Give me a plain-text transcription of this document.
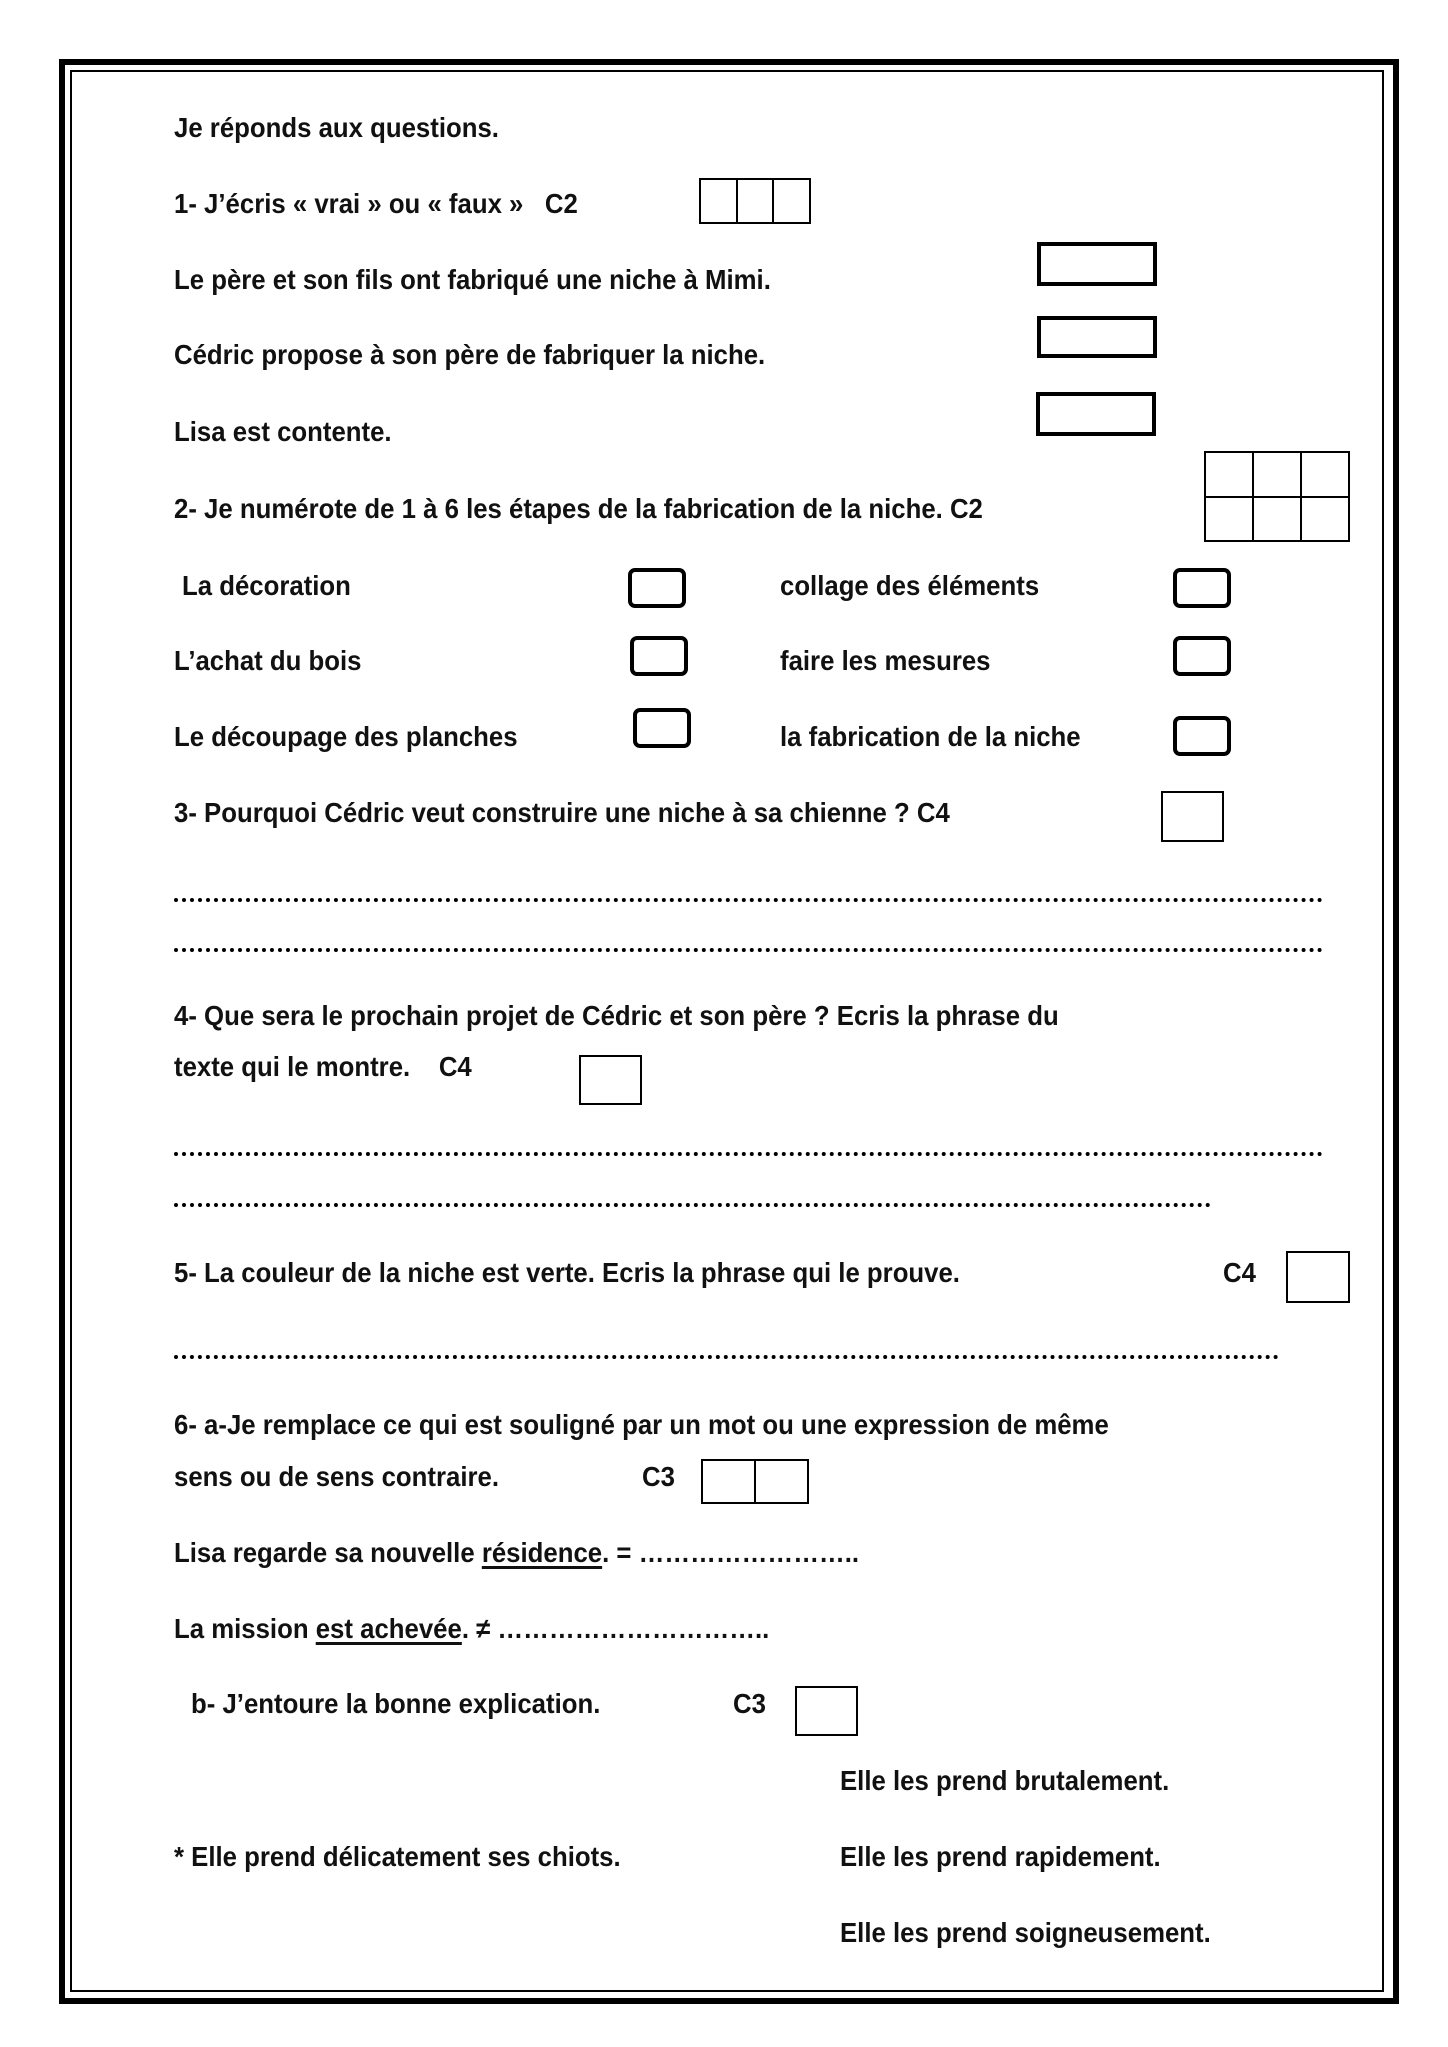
Je réponds aux questions.
1- J’écris « vrai » ou « faux » C2
Le père et son fils ont fabriqué une niche à Mimi.
Cédric propose à son père de fabriquer la niche.
Lisa est contente.
2- Je numérote de 1 à 6 les étapes de la fabrication de la niche. C2
La décoration	collage des éléments
L’achat du bois	faire les mesures
Le découpage des planches	la fabrication de la niche
3- Pourquoi Cédric veut construire une niche à sa chienne ? C4
4- Que sera le prochain projet de Cédric et son père ? Ecris la phrase du
texte qui le montre. C4
5- La couleur de la niche est verte. Ecris la phrase qui le prouve.	C4
6- a-Je remplace ce qui est souligné par un mot ou une expression de même
sens ou de sens contraire.	C3
Lisa regarde sa nouvelle résidence. = ……………………..
La mission est achevée. ≠ …………………………..
b- J’entoure la bonne explication.	C3
Elle les prend brutalement.
* Elle prend délicatement ses chiots.	Elle les prend rapidement.
Elle les prend soigneusement.
